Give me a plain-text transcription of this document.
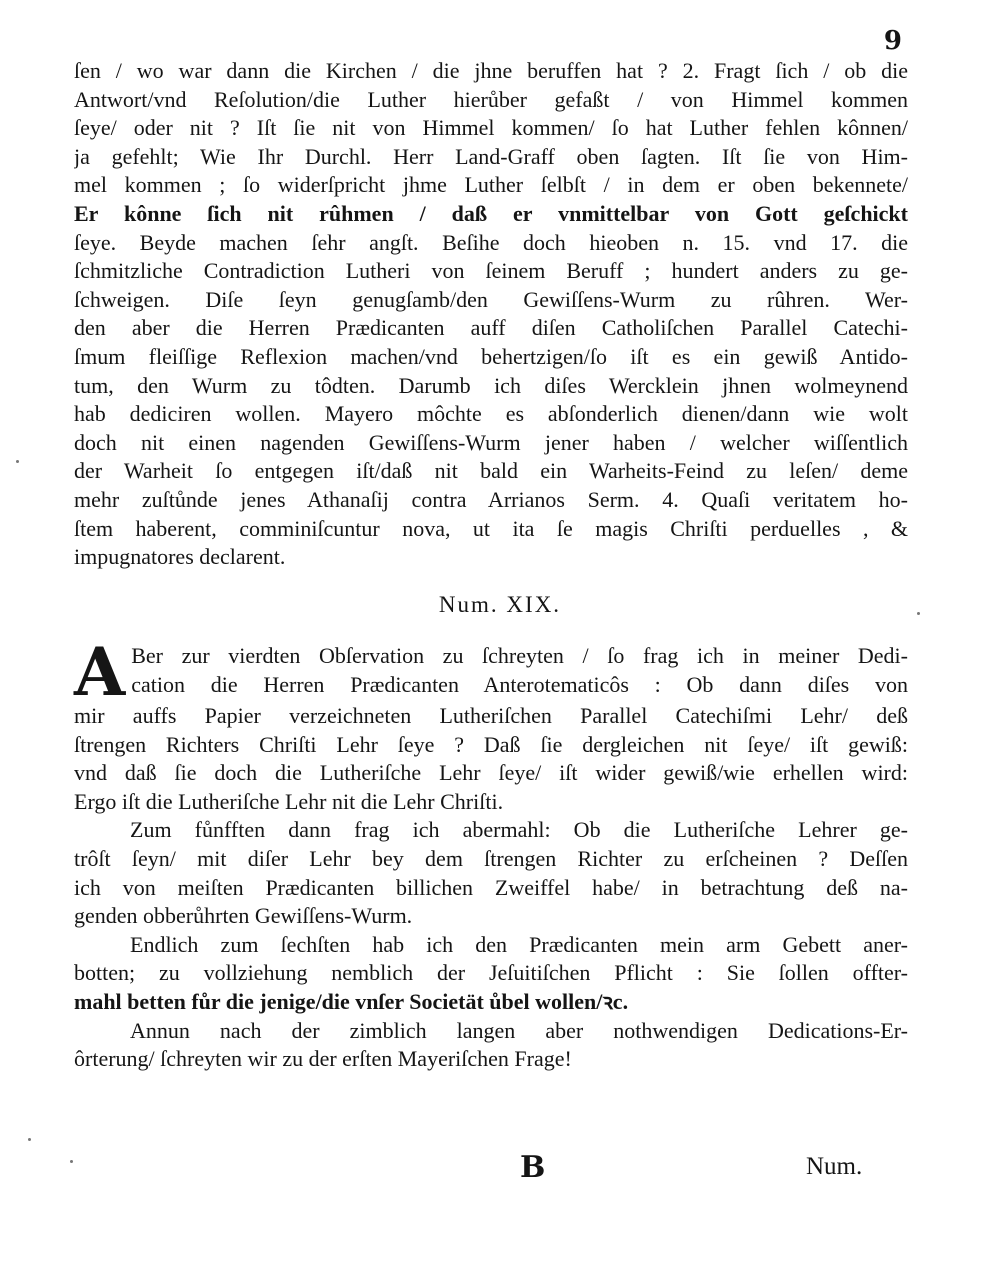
9
ſen / wo war dann die Kirchen / die jhne beruffen hat ? 2. Fragt ſich / ob die
Antwort/vnd Reſolution/die Luther hierůber gefaßt / von Himmel kommen
ſeye/ oder nit ? Iſt ſie nit von Himmel kommen/ ſo hat Luther fehlen kônnen/
ja gefehlt; Wie Ihr Durchl. Herr Land-Graff oben ſagten. Iſt ſie von Him-
mel kommen ; ſo widerſpricht jhme Luther ſelbſt / in dem er oben bekennete/
Er kônne ſich nit rûhmen / daß er vnmittelbar von Gott geſchickt
ſeye. Beyde machen ſehr angſt. Beſihe doch hieoben n. 15. vnd 17. die
ſchmitzliche Contradiction Lutheri von ſeinem Beruff ; hundert anders zu ge-
ſchweigen. Diſe ſeyn genugſamb/den Gewiſſens-Wurm zu rûhren. Wer-
den aber die Herren Prædicanten auff diſen Catholiſchen Parallel Catechi-
ſmum fleiſſige Reflexion machen/vnd behertzigen/ſo iſt es ein gewiß Antido-
tum, den Wurm zu tôdten. Darumb ich diſes Wercklein jhnen wolmeynend
hab dediciren wollen. Mayero môchte es abſonderlich dienen/dann wie wolt
doch nit einen nagenden Gewiſſens-Wurm jener haben / welcher wiſſentlich
der Warheit ſo entgegen iſt/daß nit bald ein Warheits-Feind zu leſen/ deme
mehr zuſtůnde jenes Athanaſij contra Arrianos Serm. 4. Quaſi veritatem ho-
ſtem haberent, comminiſcuntur nova, ut ita ſe magis Chriſti perduelles , &
impugnatores declarent.
Num. XIX.
A Ber zur vierdten Obſervation zu ſchreyten / ſo frag ich in meiner Dedi-
cation die Herren Prædicanten Anterotematicôs : Ob dann diſes von
mir auffs Papier verzeichneten Lutheriſchen Parallel Catechiſmi Lehr/ deß
ſtrengen Richters Chriſti Lehr ſeye ? Daß ſie dergleichen nit ſeye/ iſt gewiß:
vnd daß ſie doch die Lutheriſche Lehr ſeye/ iſt wider gewiß/wie erhellen wird:
Ergo iſt die Lutheriſche Lehr nit die Lehr Chriſti.
Zum fůnfften dann frag ich abermahl: Ob die Lutheriſche Lehrer ge-
trôſt ſeyn/ mit diſer Lehr bey dem ſtrengen Richter zu erſcheinen ? Deſſen
ich von meiſten Prædicanten billichen Zweiffel habe/ in betrachtung deß na-
genden obberůhrten Gewiſſens-Wurm.
Endlich zum ſechſten hab ich den Prædicanten mein arm Gebett aner-
botten; zu vollziehung nemblich der Jeſuitiſchen Pflicht : Sie ſollen offter-
mahl betten fůr die jenige/die vnſer Societät ůbel wollen/ꝛc.
Annun nach der zimblich langen aber nothwendigen Dedications-Er-
ôrterung/ ſchreyten wir zu der erſten Mayeriſchen Frage!
B	Num.
